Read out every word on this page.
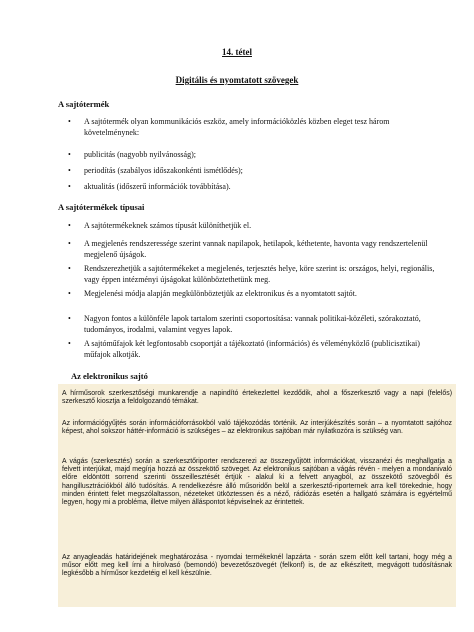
14. tétel
Digitális és nyomtatott szövegek
A sajtótermék
• A sajtótermék olyan kommunikációs eszköz, amely információközlés közben eleget tesz három követelménynek:
• publicitás (nagyobb nyilvánosság);
• periodítás (szabályos időszakonkénti ismétlődés);
• aktualitás (időszerű információk továbbítása).
A sajtótermékek típusai
• A sajtótermékeknek számos típusát különíthetjük el.
• A megjelenés rendszeressége szerint vannak napilapok, hetilapok, kéthetente, havonta vagy rendszertelenül megjelenő újságok.
• Rendszerezhetjük a sajtótermékeket a megjelenés, terjesztés helye, köre szerint is: országos, helyi, regionális, vagy éppen intézményi újságokat különböztethetünk meg.
• Megjelenési módja alapján megkülönböztetjük az elektronikus és a nyomtatott sajtót.
• Nagyon fontos a különféle lapok tartalom szerinti csoportosítása: vannak politikai-közéleti, szórakoztató, tudományos, irodalmi, valamint vegyes lapok.
• A sajtóműfajok két legfontosabb csoportját a tájékoztató (információs) és véleményközlő (publicisztikai) műfajok alkotják.
Az elektronikus sajtó
A hírműsorok szerkesztőségi munkarendje a napindító értekezlettel kezdődik, ahol a főszerkesztő vagy a napi (felelős) szerkesztő kiosztja a feldolgozandó témákat.
Az információgyűjtés során információforrásokból való tájékozódás történik. Az interjúkészítés során – a nyomtatott sajtóhoz képest, ahol sokszor háttér-információ is szükséges – az elektronikus sajtóban már nyilatkozóra is szükség van.
A vágás (szerkesztés) során a szerkesztőriporter rendszerezi az összegyűjtött információkat, visszanézi és meghallgatja a felvett interjúkat, majd megírja hozzá az összekötő szöveget. Az elektronikus sajtóban a vágás révén - melyen a mondanivaló előre eldöntött sorrend szerinti összeillesztését értjük - alakul ki a felvett anyagból, az összekötő szövegből és hangillusztrációkból álló tudósítás. A rendelkezésre álló műsoridőn belül a szerkesztő-riporternek arra kell törekednie, hogy minden érintett felet megszólaltasson, nézeteket ütköztessen és a néző, rádiózás esetén a hallgató számára is egyértelmű legyen, hogy mi a probléma, illetve milyen álláspontot képviselnek az érintettek.
Az anyagleadás határidejének meghatározása - nyomdai termékeknél lapzárta - során szem előtt kell tartani, hogy még a műsor előtt meg kell írni a hírolvasó (bemondó) bevezetőszövegét (felkonf) is, de az elkészített, megvágott tudósításnak legkésőbb a hírműsor kezdetéig el kell készülnie.
